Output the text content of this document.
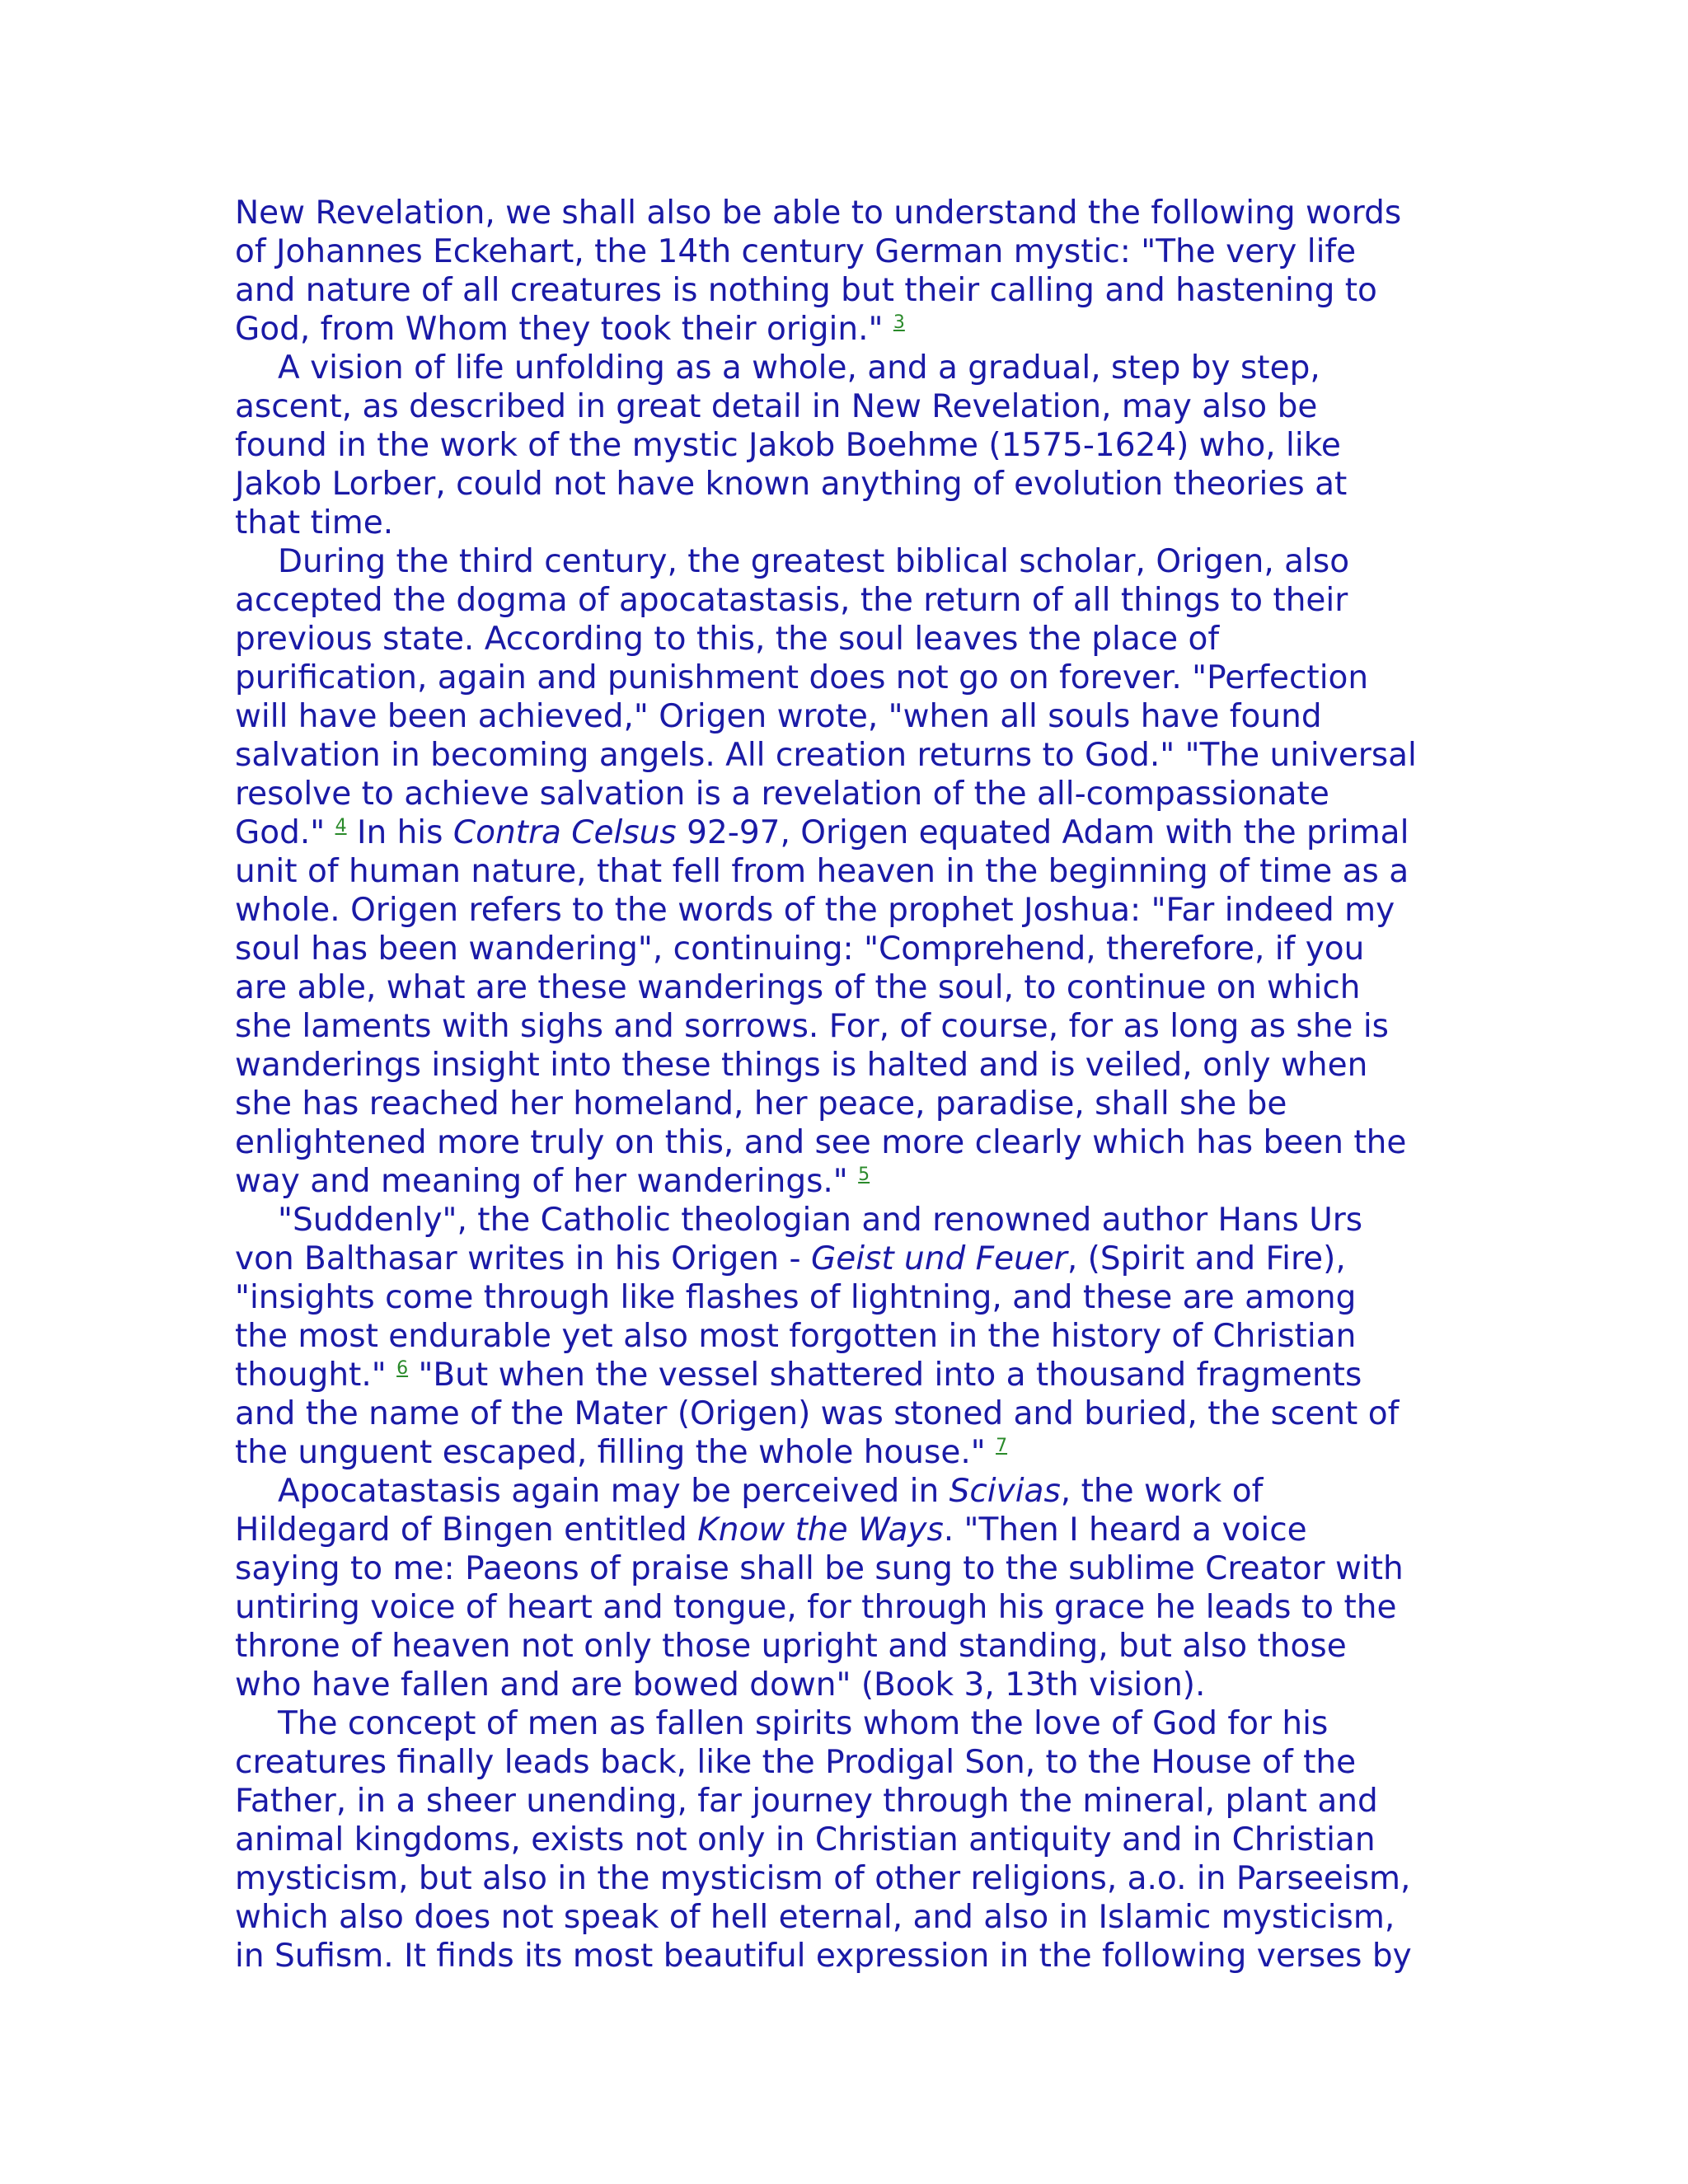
New Revelation, we shall also be able to understand the following words
of Johannes Eckehart, the 14th century German mystic: "The very life
and nature of all creatures is nothing but their calling and hastening to
God, from Whom they took their origin." $^3$
A vision of life unfolding as a whole, and a gradual, step by step,
ascent, as described in great detail in New Revelation, may also be
found in the work of the mystic Jakob Boehme (1575-1624) who, like
Jakob Lorber, could not have known anything of evolution theories at
that time.
During the third century, the greatest biblical scholar, Origen, also
accepted the dogma of apocatastasis, the return of all things to their
previous state. According to this, the soul leaves the place of
purification, again and punishment does not go on forever. "Perfection
will have been achieved," Origen wrote, "when all souls have found
salvation in becoming angels. All creation returns to God." "The universal
resolve to achieve salvation is a revelation of the all-compassionate
God." $^4$ In his Contra Celsus 92-97, Origen equated Adam with the primal
unit of human nature, that fell from heaven in the beginning of time as a
whole. Origen refers to the words of the prophet Joshua: "Far indeed my
soul has been wandering", continuing: "Comprehend, therefore, if you
are able, what are these wanderings of the soul, to continue on which
she laments with sighs and sorrows. For, of course, for as long as she is
wanderings insight into these things is halted and is veiled, only when
she has reached her homeland, her peace, paradise, shall she be
enlightened more truly on this, and see more clearly which has been the
way and meaning of her wanderings." $^5$
"Suddenly", the Catholic theologian and renowned author Hans Urs
von Balthasar writes in his Origen - Geist und Feuer, (Spirit and Fire),
"insights come through like flashes of lightning, and these are among
the most endurable yet also most forgotten in the history of Christian
thought." $^6$ "But when the vessel shattered into a thousand fragments
and the name of the Mater (Origen) was stoned and buried, the scent of
the unguent escaped, filling the whole house." $^7$
Apocatastasis again may be perceived in Scivias, the work of
Hildegard of Bingen entitled Know the Ways. "Then I heard a voice
saying to me: Paeons of praise shall be sung to the sublime Creator with
untiring voice of heart and tongue, for through his grace he leads to the
throne of heaven not only those upright and standing, but also those
who have fallen and are bowed down" (Book 3, 13th vision).
The concept of men as fallen spirits whom the love of God for his
creatures finally leads back, like the Prodigal Son, to the House of the
Father, in a sheer unending, far journey through the mineral, plant and
animal kingdoms, exists not only in Christian antiquity and in Christian
mysticism, but also in the mysticism of other religions, a.o. in Parseeism,
which also does not speak of hell eternal, and also in Islamic mysticism,
in Sufism. It finds its most beautiful expression in the following verses by
